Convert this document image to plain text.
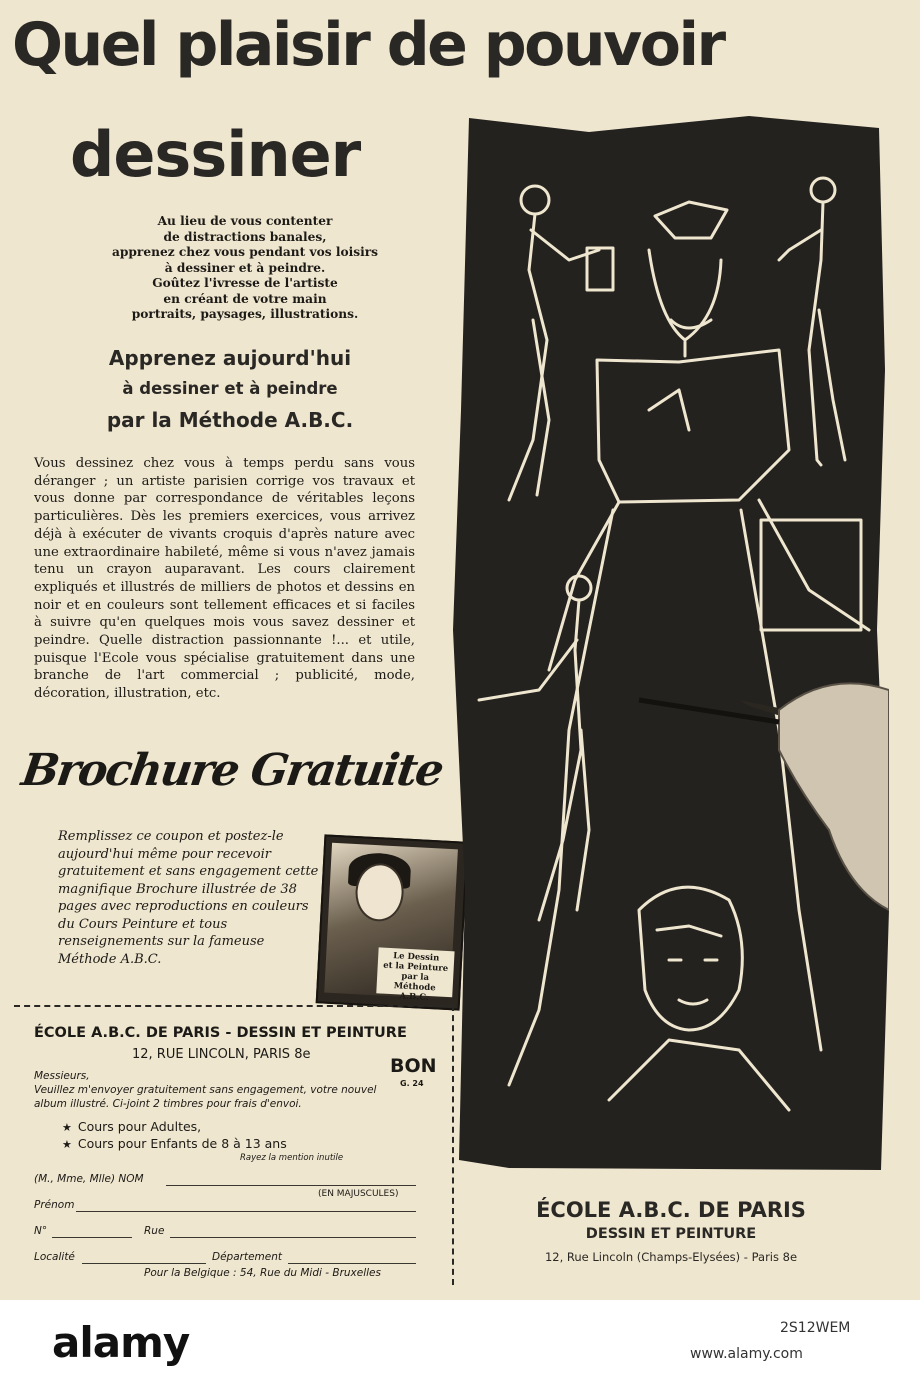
Quel plaisir de pouvoir
dessiner
Au lieu de vous contenter
de distractions banales,
apprenez chez vous pendant vos loisirs
à dessiner et à peindre.
Goûtez l'ivresse de l'artiste
en créant de votre main
portraits, paysages, illustrations.
Apprenez aujourd'hui
à dessiner et à peindre
par la Méthode A.B.C.
Vous dessinez chez vous à temps perdu sans vous déranger ; un artiste parisien corrige vos travaux et vous donne par correspondance de véritables leçons particulières. Dès les premiers exercices, vous arrivez déjà à exécuter de vivants croquis d'après nature avec une extraordinaire habileté, même si vous n'avez jamais tenu un crayon auparavant. Les cours clairement expliqués et illustrés de milliers de photos et dessins en noir et en couleurs sont tellement efficaces et si faciles à suivre qu'en quelques mois vous savez dessiner et peindre. Quelle distraction passionnante !... et utile, puisque l'Ecole vous spécialise gratuitement dans une branche de l'art commercial ; publicité, mode, décoration, illustration, etc.
Brochure Gratuite
Remplissez ce coupon et postez-le aujourd'hui même pour recevoir gratuitement et sans engagement cette magnifique Brochure illustrée de 38 pages avec reproductions en couleurs du Cours Peinture et tous renseignements sur la fameuse Méthode A.B.C.	Le Dessin
et la Peinture
par la
Méthode A.B.C.
ÉCOLE A.B.C. DE PARIS - DESSIN ET PEINTURE
12, RUE LINCOLN, PARIS 8e
BON
G. 24
Messieurs,
Veuillez m'envoyer gratuitement sans engagement, votre nouvel album illustré. Ci-joint 2 timbres pour frais d'envoi.
★ Cours pour Adultes,
★ Cours pour Enfants de 8 à 13 ans
Rayez la mention inutile
(M., Mme, Mlle) NOM
(EN MAJUSCULES)
Prénom
N°	Rue
Localité	Département
Pour la Belgique : 54, Rue du Midi - Bruxelles
ÉCOLE A.B.C. DE PARIS
DESSIN ET PEINTURE
12, Rue Lincoln (Champs-Elysées) - Paris 8e
alamy	2S12WEM
www.alamy.com
